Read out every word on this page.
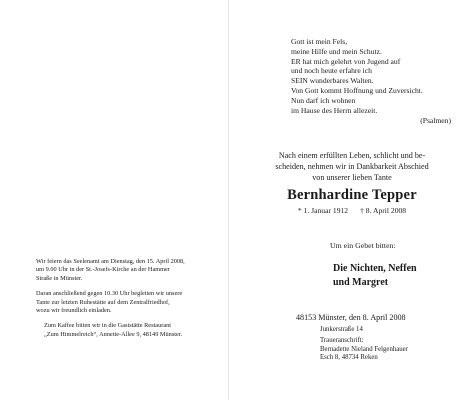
Gott ist mein Fels,
meine Hilfe und mein Schutz.
ER hat mich gelehrt von Jugend auf
und noch heute erfahre ich
SEIN wunderbares Walten.
Von Gott kommt Hoffnung und Zuversicht.
Nun darf ich wohnen
im Hause des Herrn allezeit.
(Psalmen)
Nach einem erfüllten Leben, schlicht und be-
scheiden, nehmen wir in Dankbarkeit Abschied
von unserer lieben Tante
Bernhardine Tepper
* 1. Januar 1912 † 8. April 2008
Um ein Gebet bitten:
Die Nichten, Neffen
und Margret
48153 Münster, den 8. April 2008
Junkerstraße 14
Traueranschrift:
Bernadette Nieland Felgenhauer
Esch 8, 48734 Reken
Wir feiern das Seelenamt am Dienstag, den 15. April 2008,
um 9.00 Uhr in der St.-Josefs-Kirche an der Hammer
Straße in Münster.
Daran anschließend gegen 10.30 Uhr begleiten wir unsere
Tante zur letzten Ruhestätte auf dem Zentralfriedhof,
wozu wir freundlich einladen.
Zum Kaffee bitten wir in die Gaststätte Restaurant
„Zum Himmelreich“, Annette-Allee 9, 48149 Münster.
